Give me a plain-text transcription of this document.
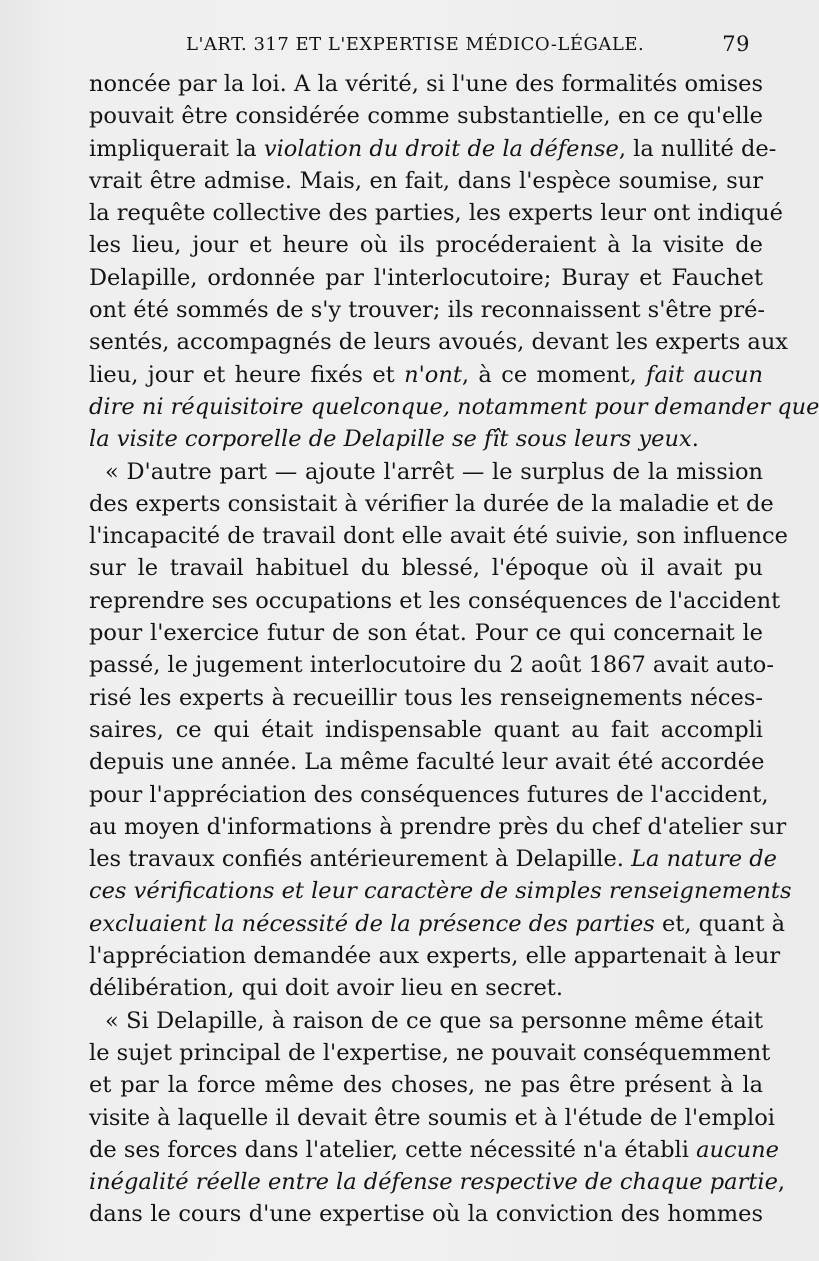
L'ART. 317 ET L'EXPERTISE MÉDICO-LÉGALE.	79
noncée par la loi. A la vérité, si l'une des formalités omises
pouvait être considérée comme substantielle, en ce qu'elle
impliquerait la violation du droit de la défense, la nullité de-
vrait être admise. Mais, en fait, dans l'espèce soumise, sur
la requête collective des parties, les experts leur ont indiqué
les lieu, jour et heure où ils procéderaient à la visite de
Delapille, ordonnée par l'interlocutoire; Buray et Fauchet
ont été sommés de s'y trouver; ils reconnaissent s'être pré-
sentés, accompagnés de leurs avoués, devant les experts aux
lieu, jour et heure fixés et n'ont, à ce moment, fait aucun
dire ni réquisitoire quelconque, notamment pour demander que
la visite corporelle de Delapille se fît sous leurs yeux.
« D'autre part — ajoute l'arrêt — le surplus de la mission
des experts consistait à vérifier la durée de la maladie et de
l'incapacité de travail dont elle avait été suivie, son influence
sur le travail habituel du blessé, l'époque où il avait pu
reprendre ses occupations et les conséquences de l'accident
pour l'exercice futur de son état. Pour ce qui concernait le
passé, le jugement interlocutoire du 2 août 1867 avait auto-
risé les experts à recueillir tous les renseignements néces-
saires, ce qui était indispensable quant au fait accompli
depuis une année. La même faculté leur avait été accordée
pour l'appréciation des conséquences futures de l'accident,
au moyen d'informations à prendre près du chef d'atelier sur
les travaux confiés antérieurement à Delapille. La nature de
ces vérifications et leur caractère de simples renseignements
excluaient la nécessité de la présence des parties et, quant à
l'appréciation demandée aux experts, elle appartenait à leur
délibération, qui doit avoir lieu en secret.
« Si Delapille, à raison de ce que sa personne même était
le sujet principal de l'expertise, ne pouvait conséquemment
et par la force même des choses, ne pas être présent à la
visite à laquelle il devait être soumis et à l'étude de l'emploi
de ses forces dans l'atelier, cette nécessité n'a établi aucune
inégalité réelle entre la défense respective de chaque partie,
dans le cours d'une expertise où la conviction des hommes
